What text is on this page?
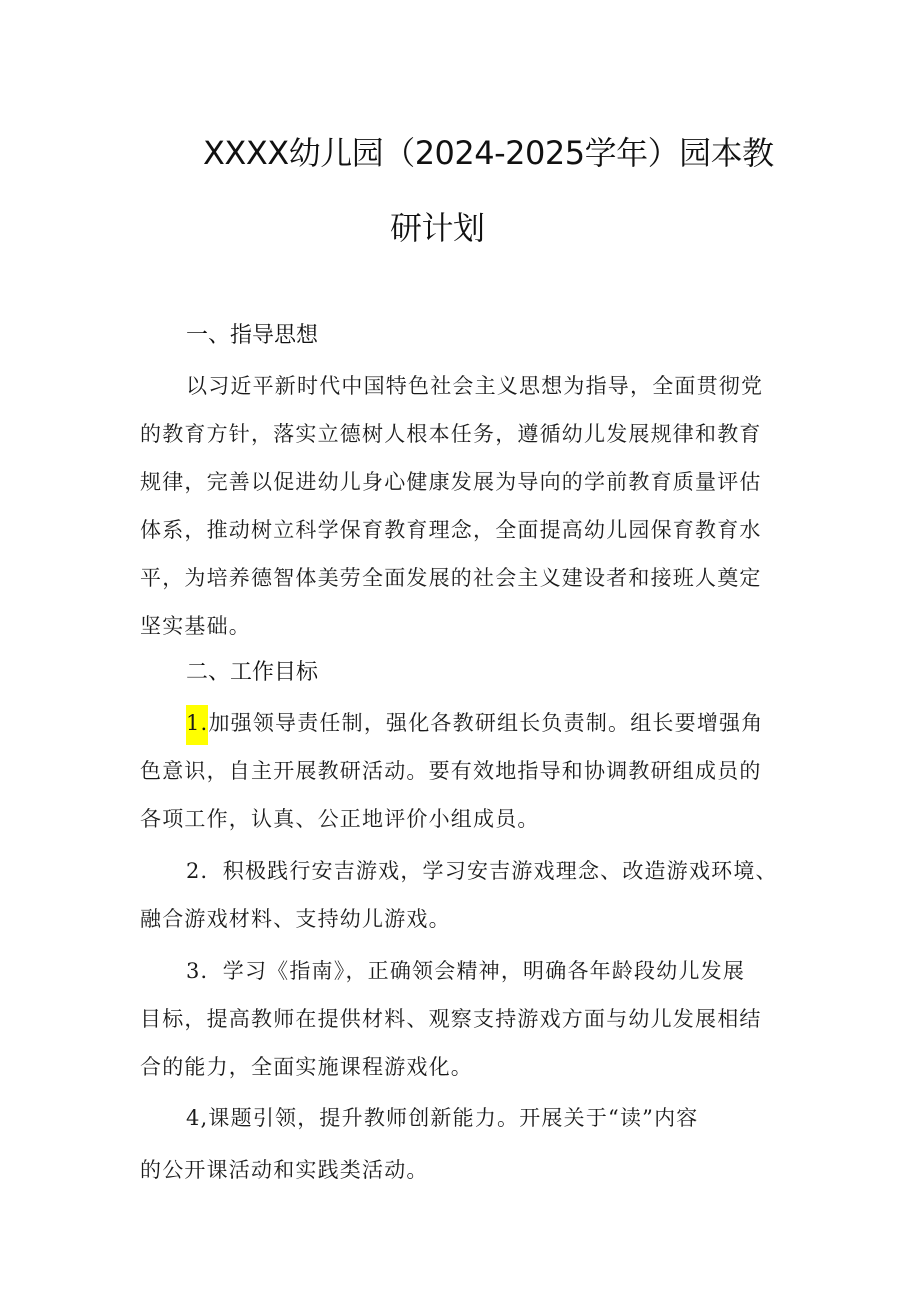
XXXX幼儿园（2024-2025学年）园本教
研计划
一、指导思想
以习近平新时代中国特色社会主义思想为指导，全面贯彻党
的教育方针，落实立德树人根本任务，遵循幼儿发展规律和教育
规律，完善以促进幼儿身心健康发展为导向的学前教育质量评估
体系，推动树立科学保育教育理念，全面提高幼儿园保育教育水
平，为培养德智体美劳全面发展的社会主义建设者和接班人奠定
坚实基础。
二、工作目标
1.加强领导责任制，强化各教研组长负责制。组长要增强角
色意识，自主开展教研活动。要有效地指导和协调教研组成员的
各项工作，认真、公正地评价小组成员。
2．积极践行安吉游戏，学习安吉游戏理念、改造游戏环境、
融合游戏材料、支持幼儿游戏。
3．学习《指南》，正确领会精神，明确各年龄段幼儿发展
目标，提高教师在提供材料、观察支持游戏方面与幼儿发展相结
合的能力，全面实施课程游戏化。
4,课题引领，提升教师创新能力。开展关于“读”内容
的公开课活动和实践类活动。
